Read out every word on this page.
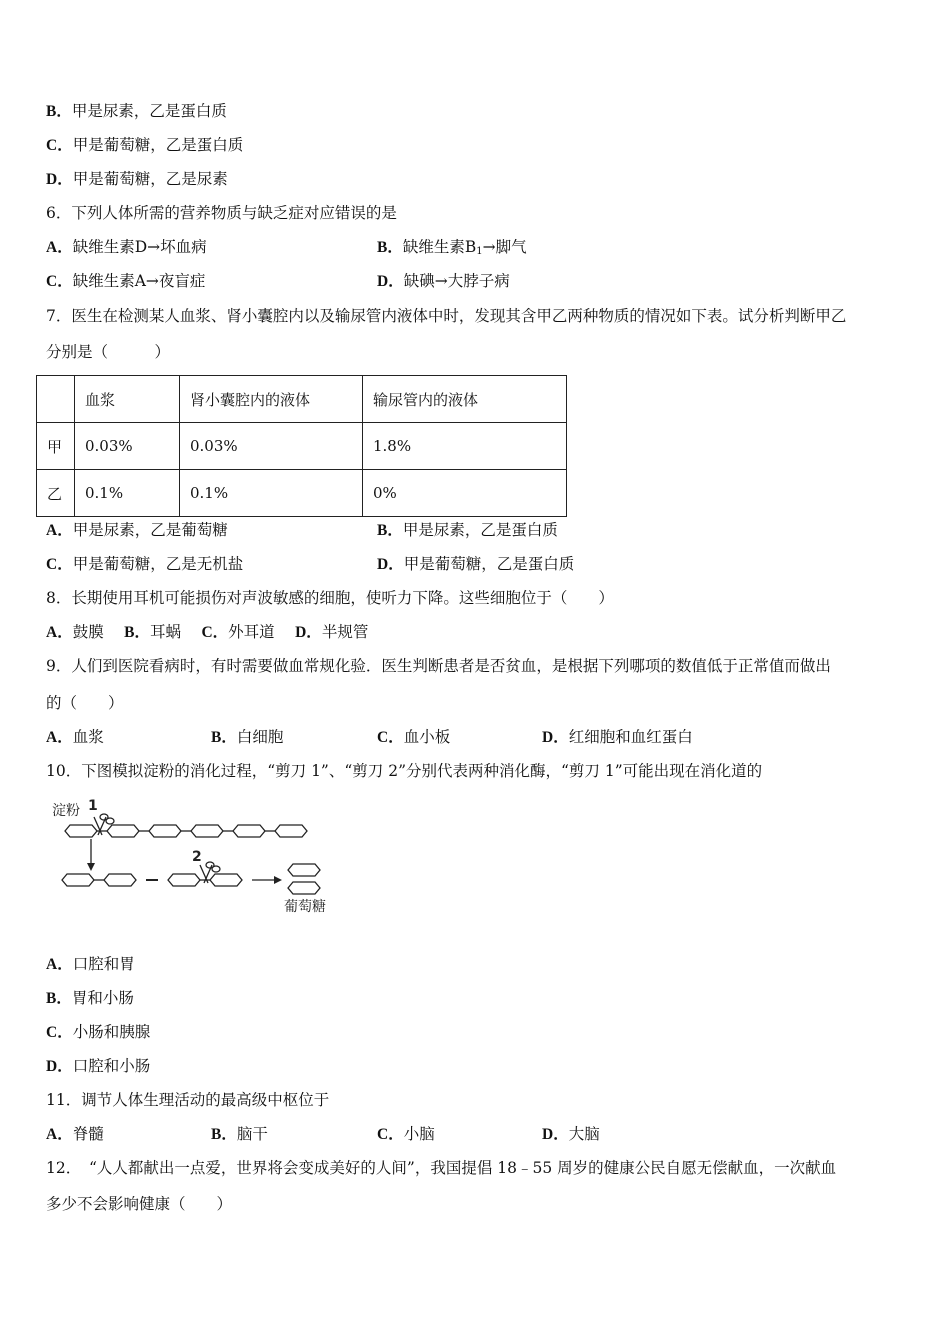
B．甲是尿素，乙是蛋白质
C．甲是葡萄糖，乙是蛋白质
D．甲是葡萄糖，乙是尿素
6．下列人体所需的营养物质与缺乏症对应错误的是
A．缺维生素D→坏血病	B．缺维生素$B_1\to$脚气
C．缺维生素A→夜盲症	D．缺碘→大脖子病
7．医生在检测某人血浆、肾小囊腔内以及输尿管内液体中时，发现其含甲乙两种物质的情况如下表。试分析判断甲乙
分别是（　　　）
	血浆	肾小囊腔内的液体	输尿管内的液体
甲	0.03%	0.03%	1.8%
乙	0.1%	0.1%	0%
A．甲是尿素，乙是葡萄糖	B．甲是尿素，乙是蛋白质
C．甲是葡萄糖，乙是无机盐	D．甲是葡萄糖，乙是蛋白质
8．长期使用耳机可能损伤对声波敏感的细胞，使听力下降。这些细胞位于（　　）
A．鼓膜　 B．耳蜗　 C．外耳道　 D．半规管
9．人们到医院看病时，有时需要做血常规化验．医生判断患者是否贫血，是根据下列哪项的数值低于正常值而做出
的（　　）
A．血浆	B．白细胞	C．血小板	D．红细胞和血红蛋白
10．下图模拟淀粉的消化过程，“剪刀 1”、“剪刀 2”分别代表两种消化酶，“剪刀 1”可能出现在消化道的
淀粉 1
2
葡萄糖
A．口腔和胃
B．胃和小肠
C．小肠和胰腺
D．口腔和小肠
11．调节人体生理活动的最高级中枢位于
A．脊髓	B．脑干	C．小脑	D．大脑
12．　“人人都献出一点爱，世界将会变成美好的人间”，我国提倡 18﹣55 周岁的健康公民自愿无偿献血，一次献血
多少不会影响健康（　　）
